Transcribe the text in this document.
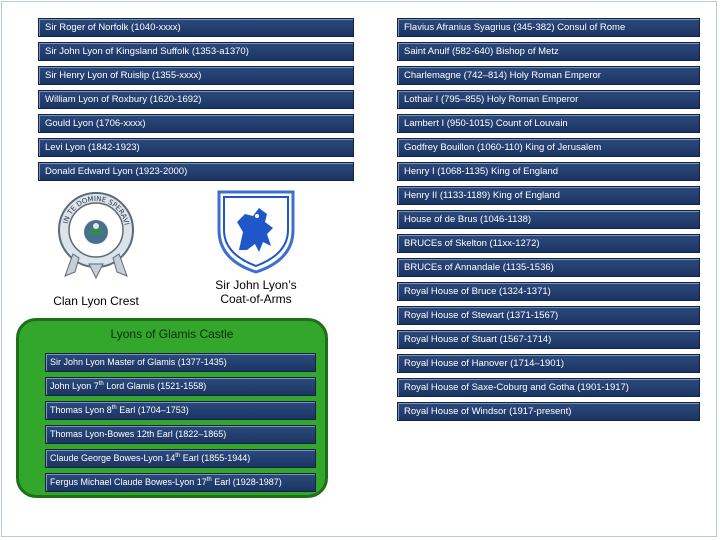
Sir Roger of Norfolk (1040-xxxx)
Sir John Lyon of Kingsland Suffolk (1353-a1370)
Sir Henry Lyon of Ruislip (1355-xxxx)
William Lyon of Roxbury (1620-1692)
Gould Lyon (1706-xxxx)
Levi Lyon (1842-1923)
Donald Edward Lyon (1923-2000)
Flavius Afranius Syagrius (345-382) Consul of Rome
Saint Anulf (582-640) Bishop of Metz
Charlemagne (742–814) Holy Roman Emperor
Lothair I (795–855) Holy Roman Emperor
Lambert I (950-1015) Count of Louvain
Godfrey Bouillon (1060-110) King of Jerusalem
Henry I (1068-1135) King of England
Henry II (1133-1189) King of England
House of de Brus (1046-1138)
BRUCEs of Skelton (11xx-1272)
BRUCEs of Annandale (1135-1536)
Royal House of Bruce (1324-1371)
Royal House of Stewart (1371-1567)
Royal House of Stuart (1567-1714)
Royal House of Hanover (1714–1901)
Royal House of Saxe-Coburg and Gotha (1901-1917)
Royal House of Windsor (1917-present)
IN TE DOMINE SPERAVI
Clan Lyon Crest
Sir John Lyon’s
Coat-of-Arms
Lyons of Glamis Castle
Sir John Lyon Master of Glamis (1377-1435)
John Lyon 7th Lord Glamis (1521-1558)
Thomas Lyon 8th Earl (1704–1753)
Thomas Lyon-Bowes 12th Earl (1822–1865)
Claude George Bowes-Lyon 14th Earl (1855-1944)
Fergus Michael Claude Bowes-Lyon 17th Earl (1928-1987)
